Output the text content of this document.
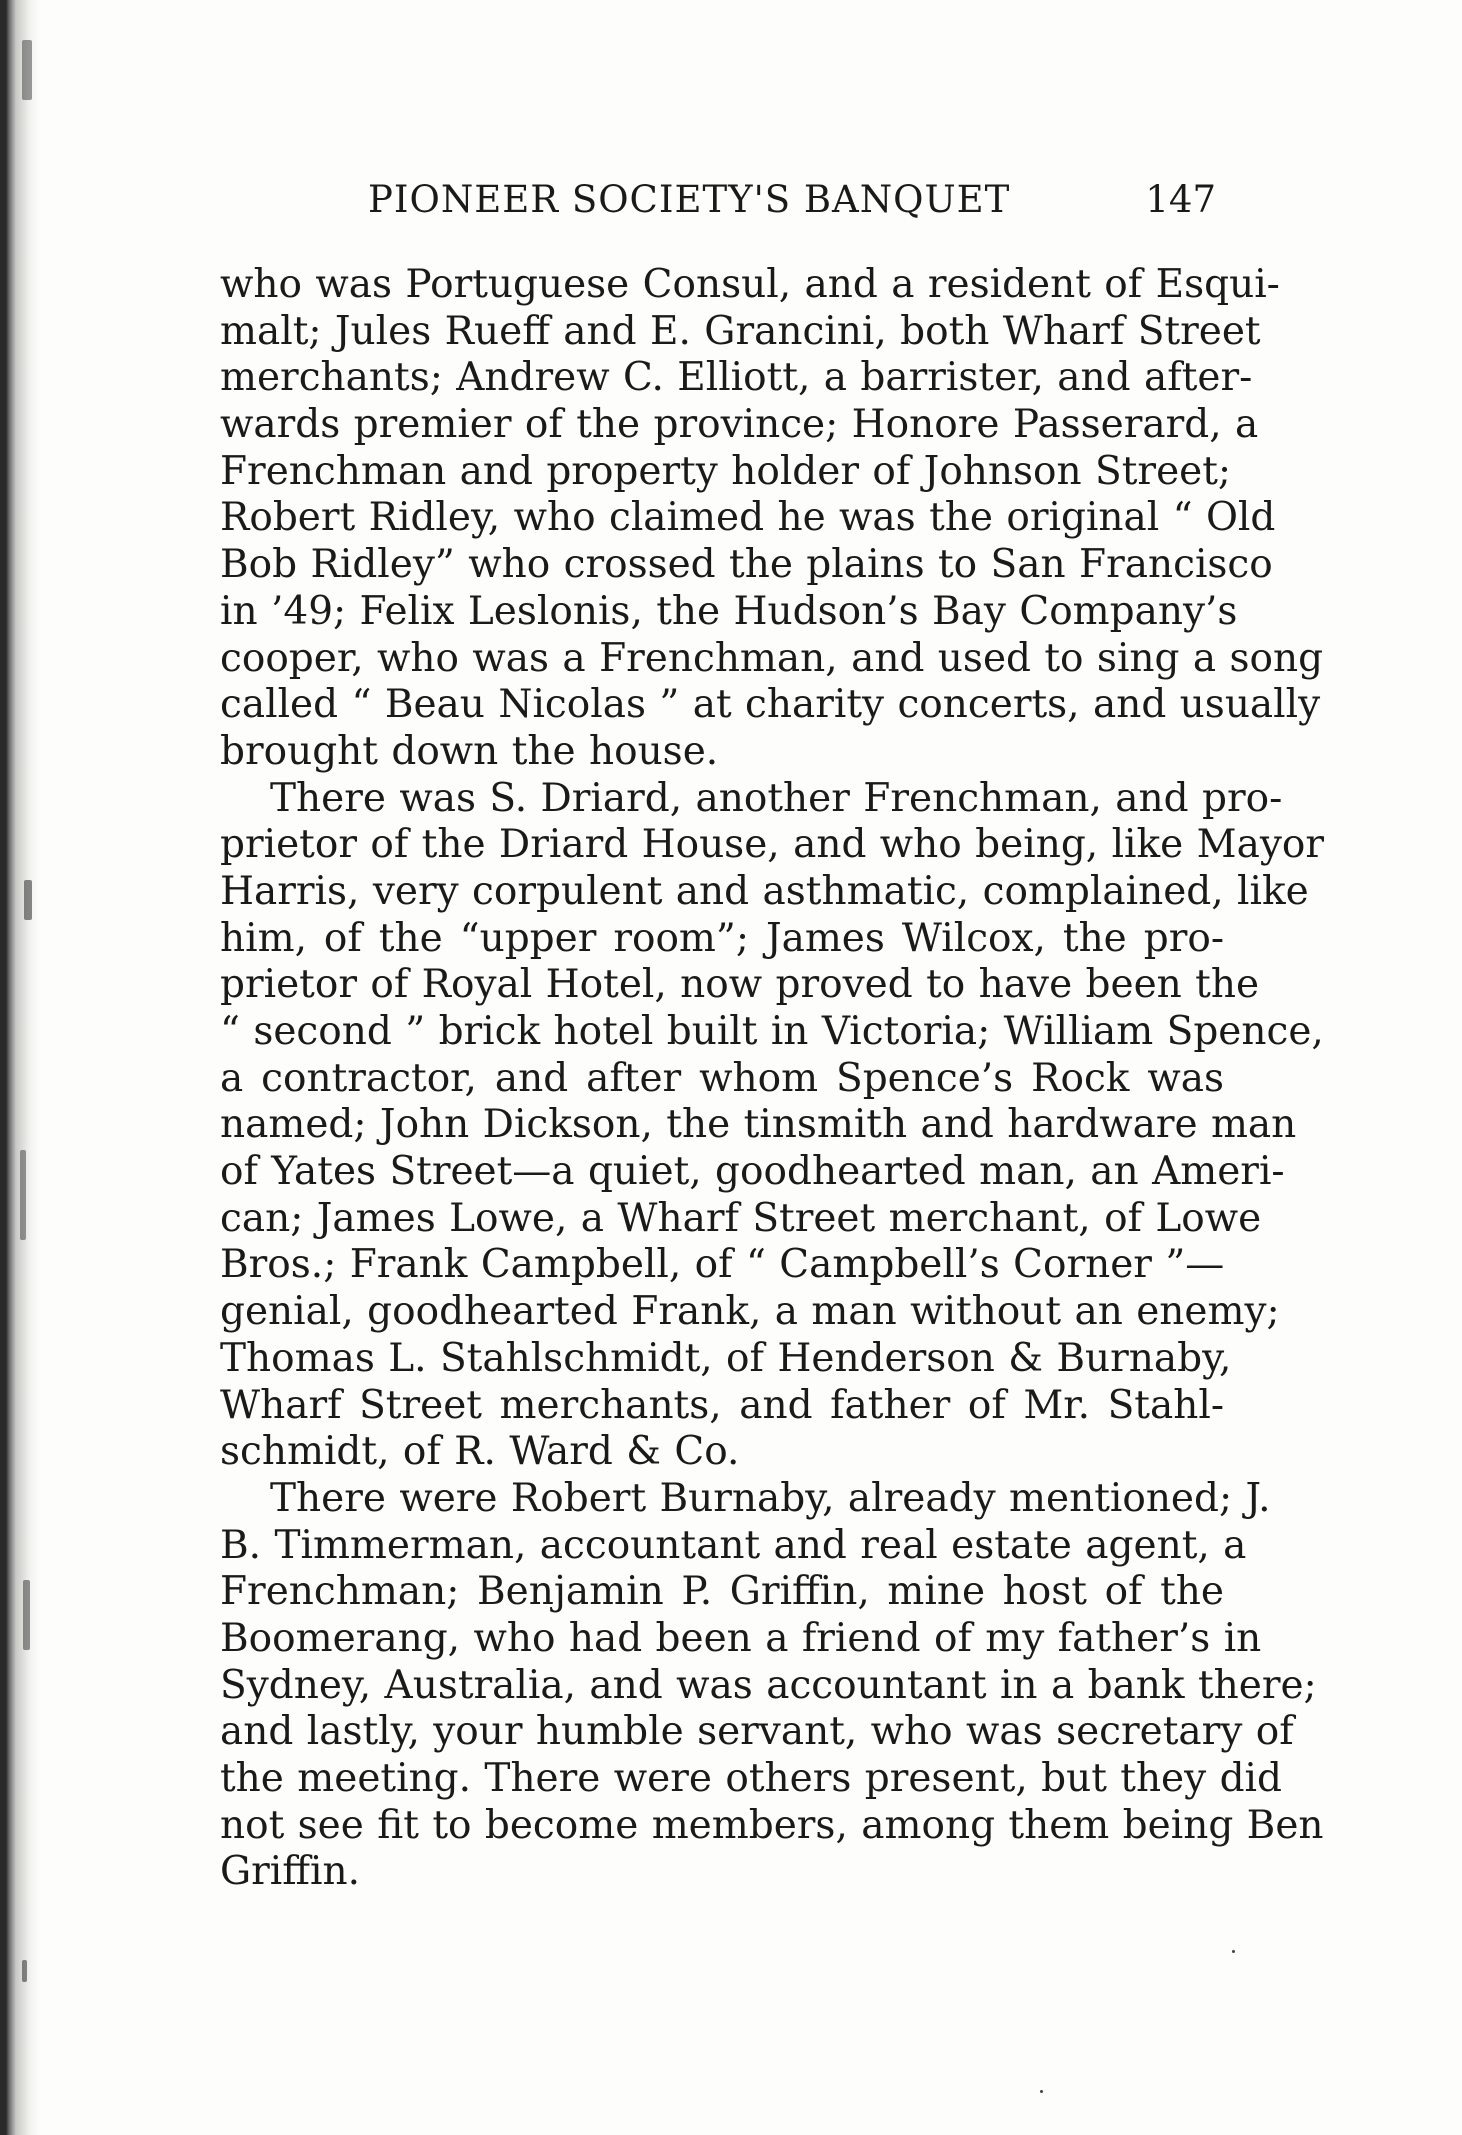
PIONEER SOCIETY'S BANQUET	147
who was Portuguese Consul, and a resident of Esqui-
malt; Jules Rueff and E. Grancini, both Wharf Street
merchants; Andrew C. Elliott, a barrister, and after-
wards premier of the province; Honore Passerard, a
Frenchman and property holder of Johnson Street;
Robert Ridley, who claimed he was the original “ Old
Bob Ridley” who crossed the plains to San Francisco
in ’49; Felix Leslonis, the Hudson’s Bay Company’s
cooper, who was a Frenchman, and used to sing a song
called “ Beau Nicolas ” at charity concerts, and usually
brought down the house.
There was S. Driard, another Frenchman, and pro-
prietor of the Driard House, and who being, like Mayor
Harris, very corpulent and asthmatic, complained, like
him, of the “upper room”; James Wilcox, the pro-
prietor of Royal Hotel, now proved to have been the
“ second ” brick hotel built in Victoria; William Spence,
a contractor, and after whom Spence’s Rock was
named; John Dickson, the tinsmith and hardware man
of Yates Street—a quiet, goodhearted man, an Ameri-
can; James Lowe, a Wharf Street merchant, of Lowe
Bros.; Frank Campbell, of “ Campbell’s Corner ”—
genial, goodhearted Frank, a man without an enemy;
Thomas L. Stahlschmidt, of Henderson & Burnaby,
Wharf Street merchants, and father of Mr. Stahl-
schmidt, of R. Ward & Co.
There were Robert Burnaby, already mentioned; J.
B. Timmerman, accountant and real estate agent, a
Frenchman; Benjamin P. Griffin, mine host of the
Boomerang, who had been a friend of my father’s in
Sydney, Australia, and was accountant in a bank there;
and lastly, your humble servant, who was secretary of
the meeting. There were others present, but they did
not see fit to become members, among them being Ben
Griffin.
